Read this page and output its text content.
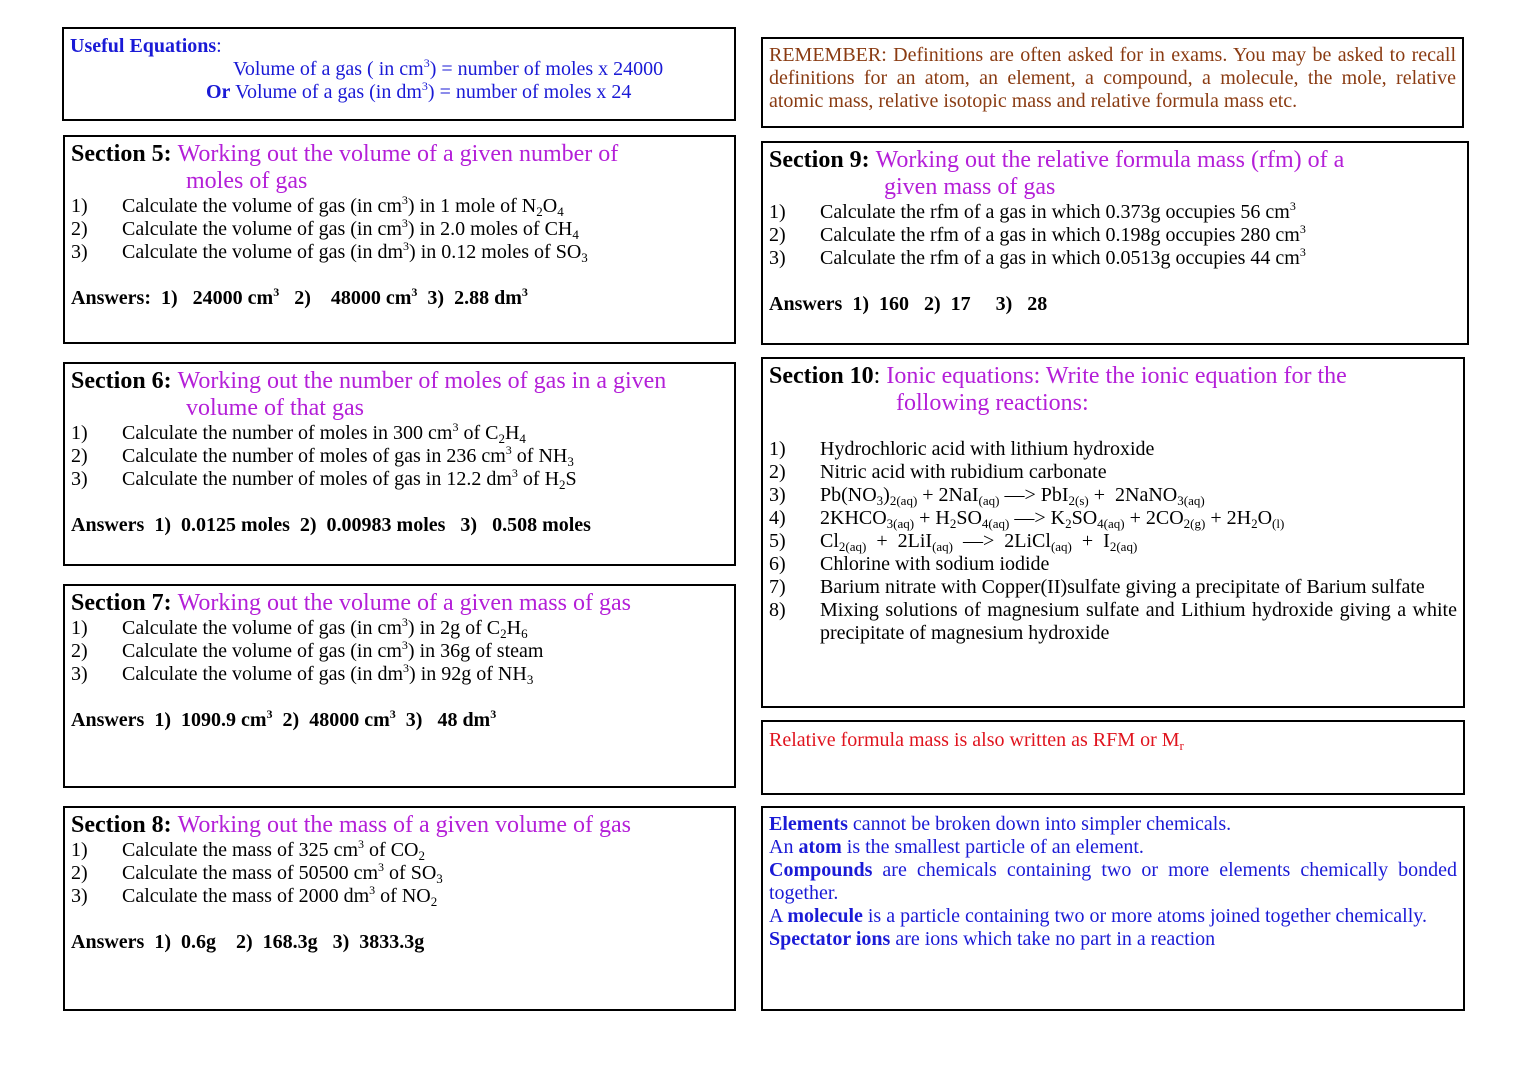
Useful Equations:
Volume of a gas ( in $cm^3$) = number of moles x 24000
Or Volume of a gas (in $dm^3$) = number of moles x 24
REMEMBER: Definitions are often asked for in exams. You may be asked to recall definitions for an atom, an element, a compound, a molecule, the mole, relative atomic mass, relative isotopic mass and relative formula mass etc.
Section 5: Working out the volume of a given number of
moles of gas
1)	Calculate the volume of gas (in $cm^3$) in 1 mole of $N_2O_4$
2)	Calculate the volume of gas (in $cm^3$) in 2.0 moles of $CH_4$
3)	Calculate the volume of gas (in $dm^3$) in 0.12 moles of $SO_3$
Answers:  1)   24000 $cm^3$   2)    48000 $cm^3$  3)  2.88 $dm^3$
Section 6: Working out the number of moles of gas in a given
volume of that gas
1)	Calculate the number of moles in 300 $cm^3$ of $C_2H_4$
2)	Calculate the number of moles of gas in 236 $cm^3$ of $NH_3$
3)	Calculate the number of moles of gas in 12.2 $dm^3$ of $H_2S$
Answers  1)  0.0125 moles  2)  0.00983 moles   3)   0.508 moles
Section 7: Working out the volume of a given mass of gas
1)	Calculate the volume of gas (in $cm^3$) in 2g of $C_2H_6$
2)	Calculate the volume of gas (in $cm^3$) in 36g of steam
3)	Calculate the volume of gas (in $dm^3$) in 92g of $NH_3$
Answers  1)  1090.9 $cm^3$  2)  48000 $cm^3$  3)   48 $dm^3$
Section 8: Working out the mass of a given volume of gas
1)	Calculate the mass of 325 $cm^3$ of $CO_2$
2)	Calculate the mass of 50500 $cm^3$ of $SO_3$
3)	Calculate the mass of 2000 $dm^3$ of $NO_2$
Answers  1)  0.6g    2)  168.3g   3)  3833.3g
Section 9: Working out the relative formula mass (rfm) of a
given mass of gas
1)	Calculate the rfm of a gas in which 0.373g occupies 56 $cm^3$
2)	Calculate the rfm of a gas in which 0.198g occupies 280 $cm^3$
3)	Calculate the rfm of a gas in which 0.0513g occupies 44 $cm^3$
Answers  1)  160   2)  17     3)   28
Section 10: Ionic equations: Write the ionic equation for the
following reactions:
1)	Hydrochloric acid with lithium hydroxide
2)	Nitric acid with rubidium carbonate
3)	$Pb(NO_3)_{2(aq)} + 2NaI_{(aq)}$ —> PbI$_{2(s)}$ +  2NaNO$_{3(aq)}$
4)	$2KHCO_{3(aq)} + H_2SO_{4(aq)}$ —> $K_2SO_{4(aq)} + 2CO_{2(g)} + 2H_2O_{(l)}$
5)	$Cl_{2(aq)} + 2LiI_{(aq)}$  —>  2LiCl$_{(aq)}$  +  $I_{2(aq)}$
6)	Chlorine with sodium iodide
7)	Barium nitrate with Copper(II)sulfate giving a precipitate of Barium sulfate
8)	Mixing solutions of magnesium sulfate and Lithium hydroxide giving a white precipitate of magnesium hydroxide
Relative formula mass is also written as RFM or $M_r$
Elements cannot be broken down into simpler chemicals.
An atom is the smallest particle of an element.
Compounds are chemicals containing two or more elements chemically bonded together.
A molecule is a particle containing two or more atoms joined together chemically.
Spectator ions are ions which take no part in a reaction
